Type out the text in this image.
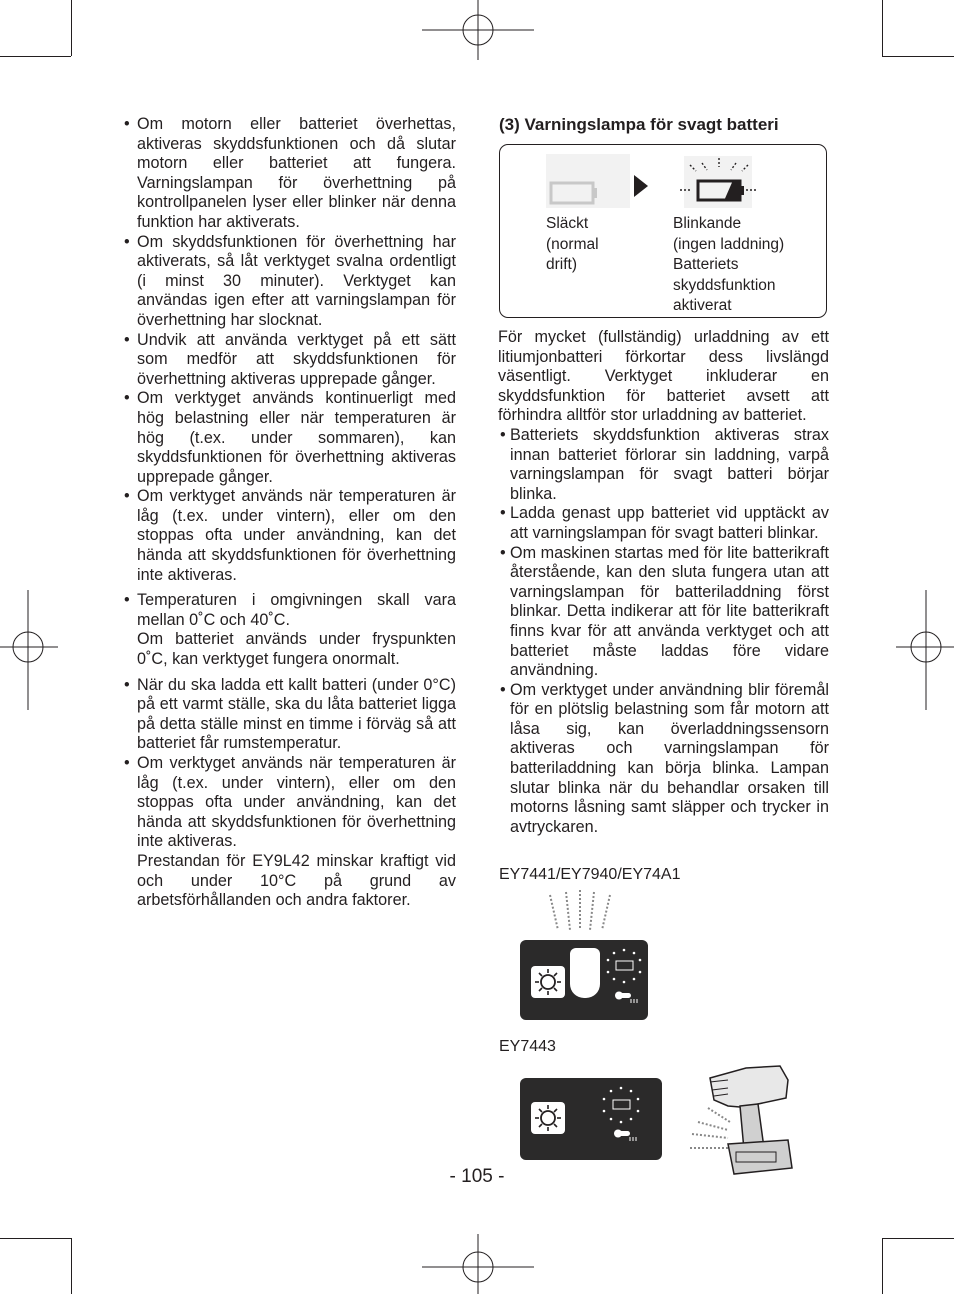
• Om motorn eller batteriet överhettas, aktiveras skyddsfunktionen och då slutar motorn eller batteriet att fungera. Varningslampan för överhettning på kontrollpanelen lyser eller blinker när denna funktion har aktiverats.
• Om skyddsfunktionen för överhettning har aktiverats, så låt verktyget svalna ordentligt (i minst 30 minuter). Verktyget kan användas igen efter att varningslampan för överhettning har slocknat.
• Undvik att använda verktyget på ett sätt som medför att skyddsfunktionen för överhettning aktiveras upprepade gånger.
• Om verktyget används kontinuerligt med hög belastning eller när temperaturen är hög (t.ex. under sommaren), kan skyddsfunktionen för överhettning aktiveras upprepade gånger.
• Om verktyget används när temperaturen är låg (t.ex. under vintern), eller om den stoppas ofta under användning, kan det hända att skyddsfunktionen för överhettning inte aktiveras.
• Temperaturen i omgivningen skall vara mellan 0˚C och 40˚C.
Om batteriet används under fryspunkten 0˚C, kan verktyget fungera onormalt.
• När du ska ladda ett kallt batteri (under 0°C) på ett varmt ställe, ska du låta batteriet ligga på detta ställe minst en timme i förväg så att batteriet får rumstemperatur.
• Om verktyget används när temperaturen är låg (t.ex. under vintern), eller om den stoppas ofta under användning, kan det hända att skyddsfunktionen för överhettning inte aktiveras.
Prestandan för EY9L42 minskar kraftigt vid och under 10°C på grund av arbetsförhållanden och andra faktorer.
(3) Varningslampa för svagt batteri
Släckt
(normal
drift)
Blinkande
(ingen laddning)
Batteriets
skyddsfunktion
aktiverat
För mycket (fullständig) urladdning av ett litiumjonbatteri förkortar dess livslängd väsentligt. Verktyget inkluderar en skyddsfunktion för batteriet avsett att förhindra alltför stor urladdning av batteriet.
• Batteriets skyddsfunktion aktiveras strax innan batteriet förlorar sin laddning, varpå varningslampan för svagt batteri börjar blinka.
• Ladda genast upp batteriet vid upptäckt av att varningslampan för svagt batteri blinkar.
• Om maskinen startas med för lite batterikraft återstående, kan den sluta fungera utan att varningslampan för batteriladdning först blinkar. Detta indikerar att för lite batterikraft finns kvar för att använda verktyget och att batteriet måste laddas före vidare användning.
• Om verktyget under användning blir föremål för en plötslig belastning som får motorn att låsa sig, kan överladdningssensorn aktiveras och varningslampan för batteriladdning kan börja blinka. Lampan slutar blinka när du behandlar orsaken till motorns låsning samt släpper och trycker in avtryckaren.
EY7441/EY7940/EY74A1
EY7443
- 105 -
